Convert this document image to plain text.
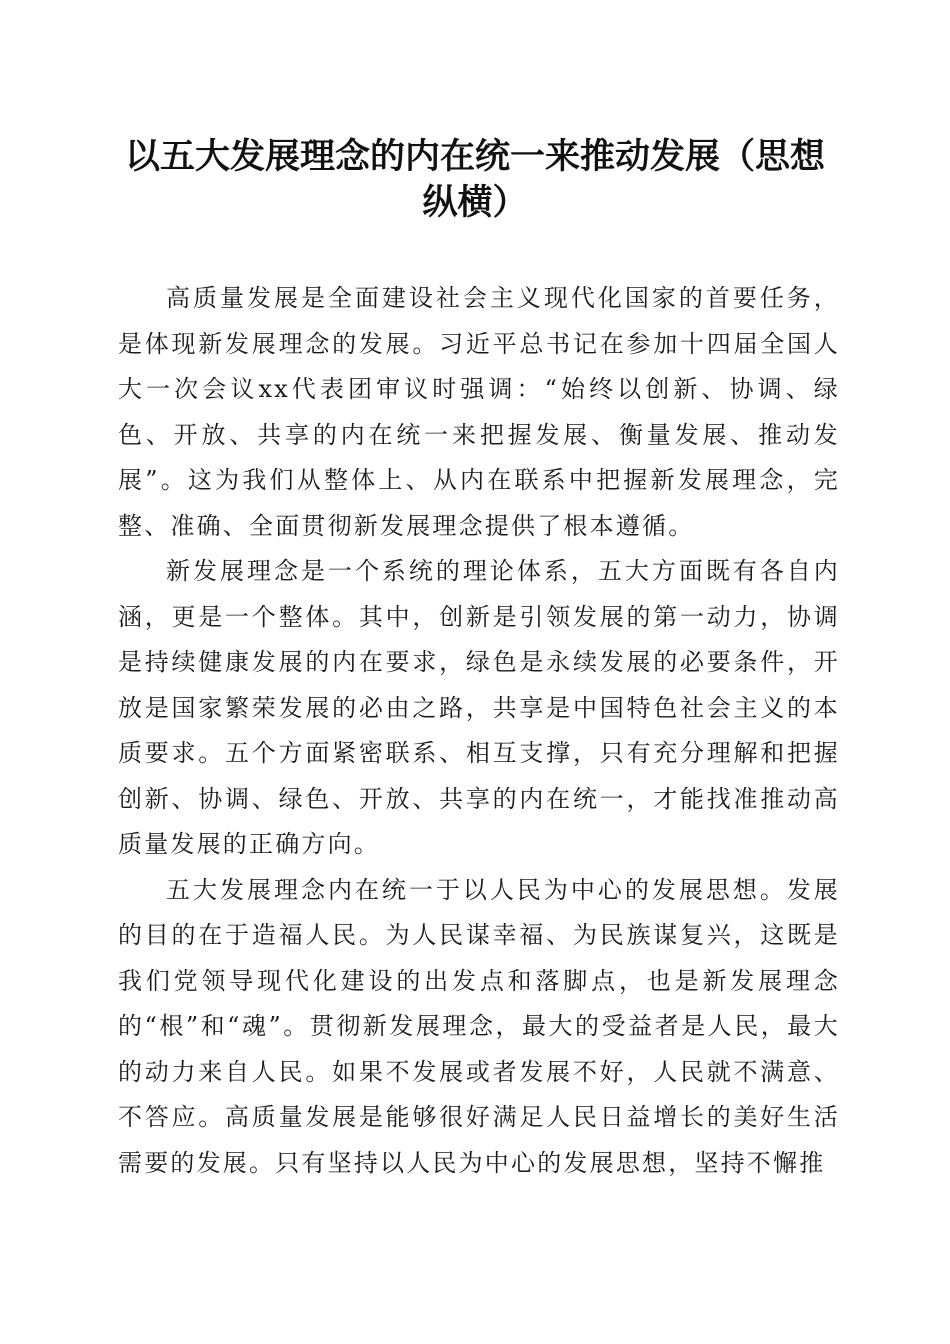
以五大发展理念的内在统一来推动发展（思想纵横）

高质量发展是全面建设社会主义现代化国家的首要任务，是体现新发展理念的发展。习近平总书记在参加十四届全国人大一次会议xx代表团审议时强调：“始终以创新、协调、绿色、开放、共享的内在统一来把握发展、衡量发展、推动发展”。这为我们从整体上、从内在联系中把握新发展理念，完整、准确、全面贯彻新发展理念提供了根本遵循。

新发展理念是一个系统的理论体系，五大方面既有各自内涵，更是一个整体。其中，创新是引领发展的第一动力，协调是持续健康发展的内在要求，绿色是永续发展的必要条件，开放是国家繁荣发展的必由之路，共享是中国特色社会主义的本质要求。五个方面紧密联系、相互支撑，只有充分理解和把握创新、协调、绿色、开放、共享的内在统一，才能找准推动高质量发展的正确方向。

五大发展理念内在统一于以人民为中心的发展思想。发展的目的在于造福人民。为人民谋幸福、为民族谋复兴，这既是我们党领导现代化建设的出发点和落脚点，也是新发展理念的“根”和“魂”。贯彻新发展理念，最大的受益者是人民，最大的动力来自人民。如果不发展或者发展不好，人民就不满意、不答应。高质量发展是能够很好满足人民日益增长的美好生活需要的发展。只有坚持以人民为中心的发展思想，坚持不懈推
